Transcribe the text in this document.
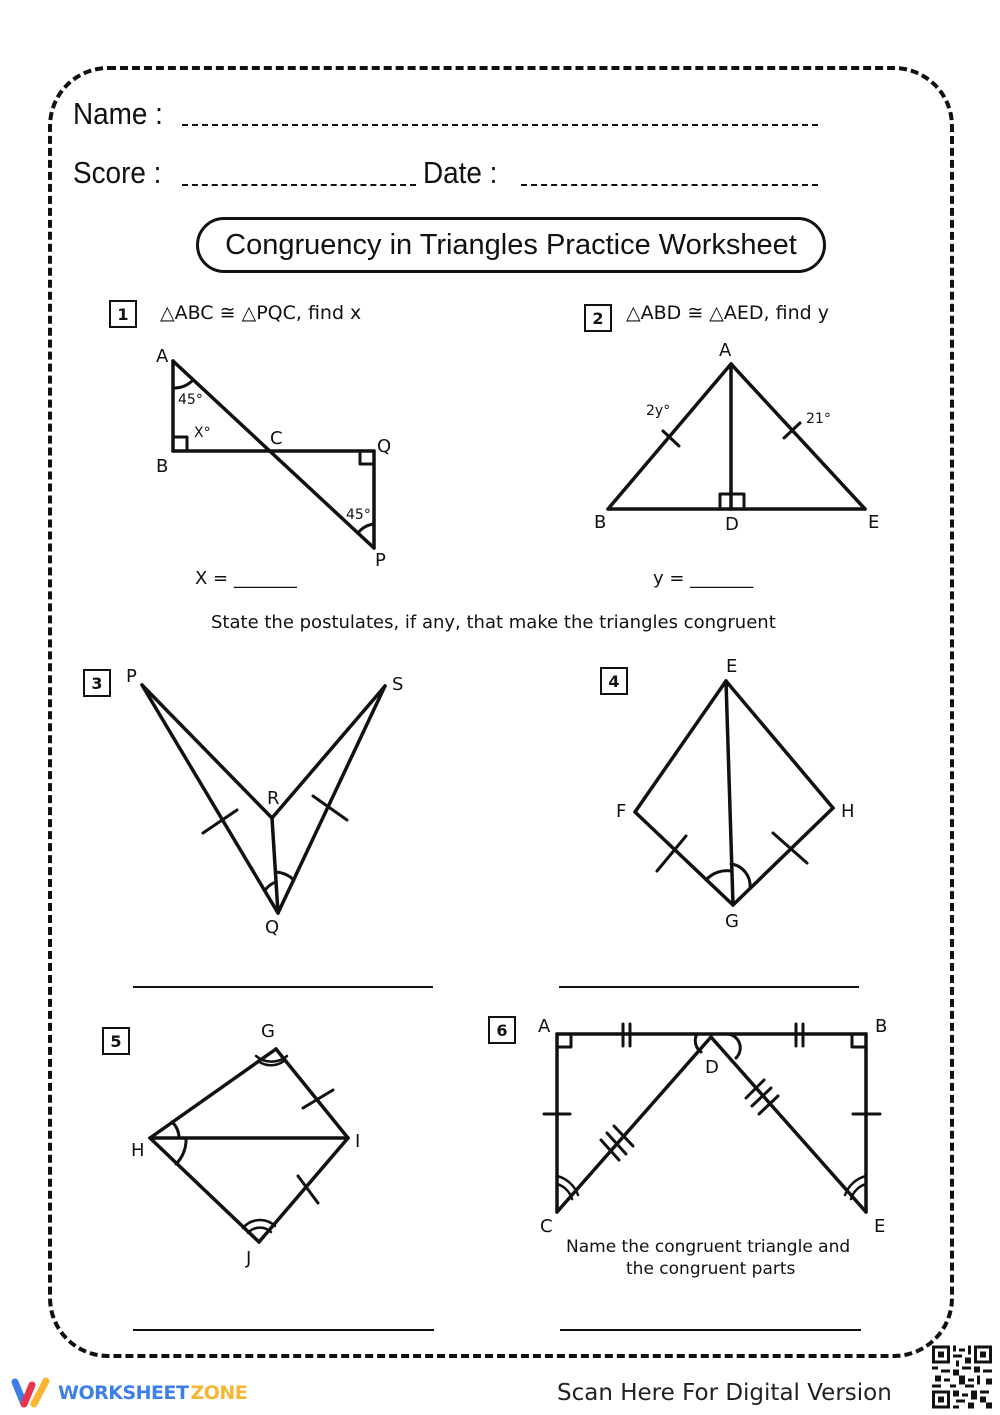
Name :
Score :	Date :
Congruency in Triangles Practice Worksheet
1	△ABC ≅ △PQC, find x
A
B
C	Q
P
45°
45°
X°
X = _______
2	△ABD ≅ △AED, find y
A
B	D	E
2y°	21°
y = _______
State the postulates, if any, that make the triangles congruent
3	P	S
R
Q
4
E
F	H
G
5	G
H	I
J
6	A	B
D
C	E
Name the congruent triangle and
the congruent parts
WORKSHEET ZONE	Scan Here For Digital Version
